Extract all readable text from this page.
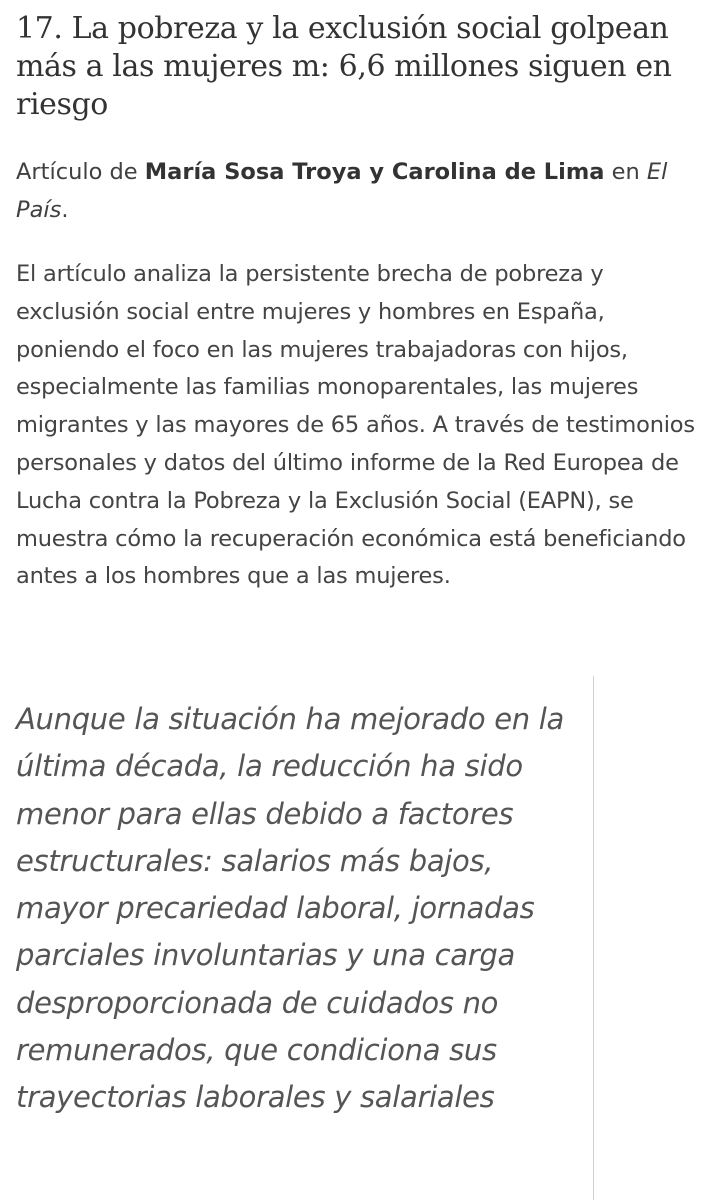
17. La pobreza y la exclusión social golpean más a las mujeres m: 6,6 millones siguen en riesgo

Artículo de María Sosa Troya y Carolina de Lima en El País.

El artículo analiza la persistente brecha de pobreza y exclusión social entre mujeres y hombres en España, poniendo el foco en las mujeres trabajadoras con hijos, especialmente las familias monoparentales, las mujeres migrantes y las mayores de 65 años. A través de testimonios personales y datos del último informe de la Red Europea de Lucha contra la Pobreza y la Exclusión Social (EAPN), se muestra cómo la recuperación económica está beneficiando antes a los hombres que a las mujeres.

Aunque la situación ha mejorado en la última década, la reducción ha sido menor para ellas debido a factores estructurales: salarios más bajos, mayor precariedad laboral, jornadas parciales involuntarias y una carga desproporcionada de cuidados no remunerados, que condiciona sus trayectorias laborales y salariales
